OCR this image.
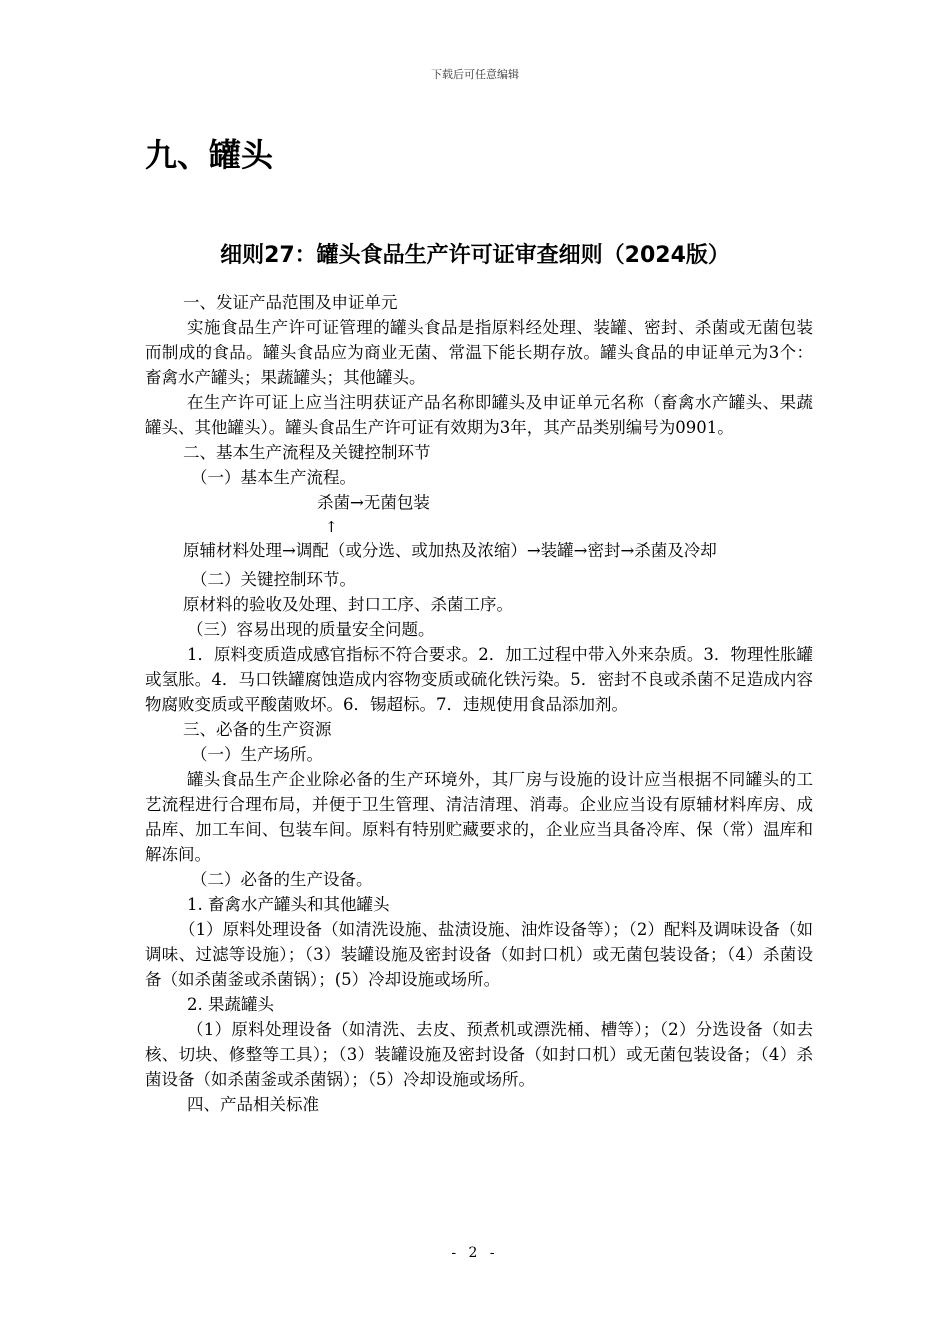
下载后可任意编辑
九、罐头
细则27：罐头食品生产许可证审查细则（2024版）

一、发证产品范围及申证单元

实施食品生产许可证管理的罐头食品是指原料经处理、装罐、密封、杀菌或无菌包装而制成的食品。罐头食品应为商业无菌、常温下能长期存放。罐头食品的申证单元为3个：畜禽水产罐头；果蔬罐头；其他罐头。

在生产许可证上应当注明获证产品名称即罐头及申证单元名称（畜禽水产罐头、果蔬罐头、其他罐头）。罐头食品生产许可证有效期为3年，其产品类别编号为0901。

二、基本生产流程及关键控制环节

（一）基本生产流程。

杀菌→无菌包装

↑

原辅材料处理→调配（或分选、或加热及浓缩）→装罐→密封→杀菌及冷却

（二）关键控制环节。

原材料的验收及处理、封口工序、杀菌工序。

（三）容易出现的质量安全问题。

1．原料变质造成感官指标不符合要求。2．加工过程中带入外来杂质。3．物理性胀罐或氢胀。4．马口铁罐腐蚀造成内容物变质或硫化铁污染。5．密封不良或杀菌不足造成内容物腐败变质或平酸菌败坏。6．锡超标。7．违规使用食品添加剂。

三、必备的生产资源

（一）生产场所。

罐头食品生产企业除必备的生产环境外，其厂房与设施的设计应当根据不同罐头的工艺流程进行合理布局，并便于卫生管理、清洁清理、消毒。企业应当设有原辅材料库房、成品库、加工车间、包装车间。原料有特别贮藏要求的，企业应当具备冷库、保（常）温库和解冻间。

（二）必备的生产设备。

1. 畜禽水产罐头和其他罐头

（1）原料处理设备（如清洗设施、盐渍设施、油炸设备等）；（2）配料及调味设备（如调味、过滤等设施）；（3）装罐设施及密封设备（如封口机）或无菌包装设备；（4）杀菌设备（如杀菌釜或杀菌锅）；(5）冷却设施或场所。

2. 果蔬罐头

（1）原料处理设备（如清洗、去皮、预煮机或漂洗桶、槽等）；（2）分选设备（如去核、切块、修整等工具）；（3）装罐设施及密封设备（如封口机）或无菌包装设备；（4）杀菌设备（如杀菌釜或杀菌锅）；（5）冷却设施或场所。

四、产品相关标准

- 2 -
